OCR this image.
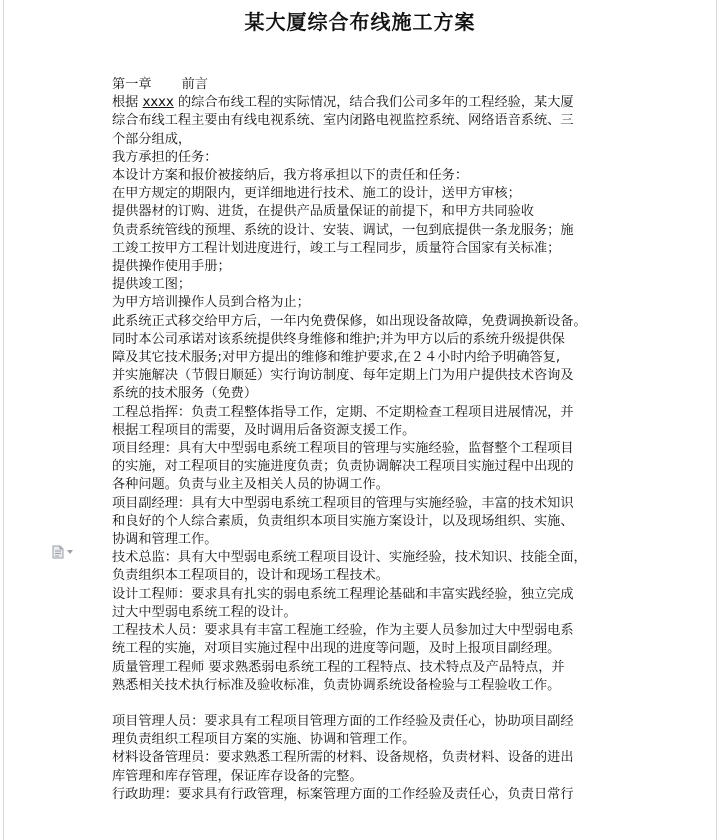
某大厦综合布线施工方案
第一章 前言
根据 xxxx 的综合布线工程的实际情况，结合我们公司多年的工程经验，某大厦
综合布线工程主要由有线电视系统、室内闭路电视监控系统、网络语音系统、三
个部分组成，
我方承担的任务：
本设计方案和报价被接纳后，我方将承担以下的责任和任务：
在甲方规定的期限内，更详细地进行技术、施工的设计，送甲方审核；
提供器材的订购、进货，在提供产品质量保证的前提下，和甲方共同验收
负责系统管线的预埋、系统的设计、安装、调试，一包到底提供一条龙服务；施
工竣工按甲方工程计划进度进行，竣工与工程同步，质量符合国家有关标准；
提供操作使用手册；
提供竣工图；
为甲方培训操作人员到合格为止；
此系统正式移交给甲方后，一年内免费保修，如出现设备故障，免费调换新设备。
同时本公司承诺对该系统提供终身维修和维护;并为甲方以后的系统升级提供保
障及其它技术服务;对甲方提出的维修和维护要求,在２４小时内给予明确答复,
并实施解决（节假日顺延）实行询访制度、每年定期上门为用户提供技术咨询及
系统的技术服务（免费）
工程总指挥：负责工程整体指导工作，定期、不定期检查工程项目进展情况，并
根据工程项目的需要，及时调用后备资源支援工作。
项目经理：具有大中型弱电系统工程项目的管理与实施经验，监督整个工程项目
的实施，对工程项目的实施进度负责；负责协调解决工程项目实施过程中出现的
各种问题。负责与业主及相关人员的协调工作。
项目副经理：具有大中型弱电系统工程项目的管理与实施经验，丰富的技术知识
和良好的个人综合素质，负责组织本项目实施方案设计，以及现场组织、实施、
协调和管理工作。
技术总监：具有大中型弱电系统工程项目设计、实施经验，技术知识、技能全面，
负责组织本工程项目的，设计和现场工程技术。
设计工程师：要求具有扎实的弱电系统工程理论基础和丰富实践经验，独立完成
过大中型弱电系统工程的设计。
工程技术人员：要求具有丰富工程施工经验，作为主要人员参加过大中型弱电系
统工程的实施，对项目实施过程中出现的进度等问题，及时上报项目副经理。
质量管理工程师 要求熟悉弱电系统工程的工程特点、技术特点及产品特点，并
熟悉相关技术执行标准及验收标准，负责协调系统设备检验与工程验收工作。
项目管理人员：要求具有工程项目管理方面的工作经验及责任心，协助项目副经
理负责组织工程项目方案的实施、协调和管理工作。
材料设备管理员：要求熟悉工程所需的材料、设备规格，负责材料、设备的进出
库管理和库存管理，保证库存设备的完整。
行政助理：要求具有行政管理，标案管理方面的工作经验及责任心，负责日常行
